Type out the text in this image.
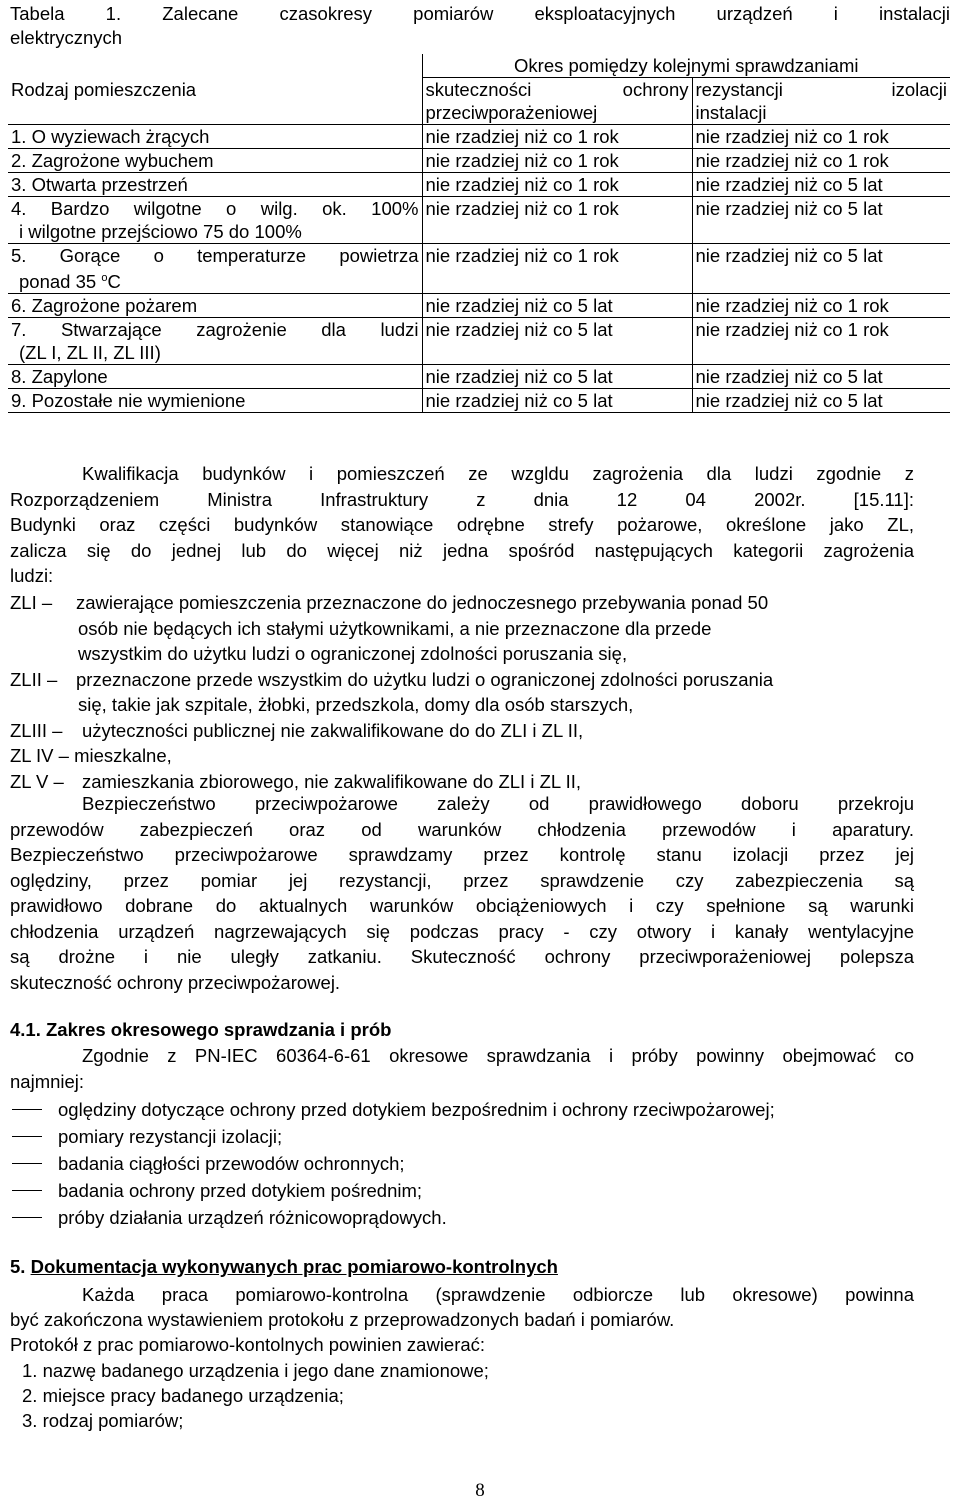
Tabela 1. Zalecane czasokresy pomiarów eksploatacyjnych urządzeń i instalacji
elektrycznych
Rodzaj pomieszczenia	Okres pomiędzy kolejnymi sprawdzaniami	

	skuteczności ochrony
przeciwporażeniowej	rezystancji izolacji
instalacji
1. O wyziewach żrących	nie rzadziej niż co 1 rok	nie rzadziej niż co 1 rok
2. Zagrożone wybuchem	nie rzadziej niż co 1 rok	nie rzadziej niż co 1 rok
3. Otwarta przestrzeń	nie rzadziej niż co 1 rok	nie rzadziej niż co 5 lat

4. Bardzo wilgotne o wilg. ok. 100%
i wilgotne przejściowo 75 do 100%	nie rzadziej niż co 1 rok	nie rzadziej niż co 5 lat

5. Gorące o temperaturze powietrza
ponad 35 $^o$C	nie rzadziej niż co 1 rok	nie rzadziej niż co 5 lat
6. Zagrożone pożarem	nie rzadziej niż co 5 lat	nie rzadziej niż co 1 rok

7. Stwarzające zagrożenie dla ludzi
(ZL I, ZL II, ZL III)	nie rzadziej niż co 5 lat	nie rzadziej niż co 1 rok
8. Zapylone	nie rzadziej niż co 5 lat	nie rzadziej niż co 5 lat
9. Pozostałe nie wymienione	nie rzadziej niż co 5 lat	nie rzadziej niż co 5 lat
Kwalifikacja budynków i pomieszczeń ze wzgldu zagrożenia dla ludzi zgodnie z
Rozporządzeniem Ministra Infrastruktury z dnia 12 04 2002r. [15.11]:
Budynki oraz części budynków stanowiące odrębne strefy pożarowe, określone jako ZL,
zalicza się do jednej lub do więcej niż jedna spośród następujących kategorii zagrożenia
ludzi:
ZLI – zawierające pomieszczenia przeznaczone do jednoczesnego przebywania ponad 50
osób nie będących ich stałymi użytkownikami, a nie przeznaczone dla przede
wszystkim do użytku ludzi o ograniczonej zdolności poruszania się,
ZLII – przeznaczone przede wszystkim do użytku ludzi o ograniczonej zdolności poruszania
się, takie jak szpitale, żłobki, przedszkola, domy dla osób starszych,
ZLIII – użyteczności publicznej nie zakwalifikowane do do ZLI i ZL II,
ZL IV – mieszkalne,
ZL V – zamieszkania zbiorowego, nie zakwalifikowane do ZLI i ZL II,
Bezpieczeństwo przeciwpożarowe zależy od prawidłowego doboru przekroju
przewodów zabezpieczeń oraz od warunków chłodzenia przewodów i aparatury.
Bezpieczeństwo przeciwpożarowe sprawdzamy przez kontrolę stanu izolacji przez jej
oględziny, przez pomiar jej rezystancji, przez sprawdzenie czy zabezpieczenia są
prawidłowo dobrane do aktualnych warunków obciążeniowych i czy spełnione są warunki
chłodzenia urządzeń nagrzewających się podczas pracy - czy otwory i kanały wentylacyjne
są drożne i nie uległy zatkaniu. Skuteczność ochrony przeciwporażeniowej polepsza
skuteczność ochrony przeciwpożarowej.
4.1. Zakres okresowego sprawdzania i prób
Zgodnie z PN-IEC 60364-6-61 okresowe sprawdzania i próby powinny obejmować co
najmniej:
oględziny dotyczące ochrony przed dotykiem bezpośrednim i ochrony rzeciwpożarowej;
pomiary rezystancji izolacji;
badania ciągłości przewodów ochronnych;
badania ochrony przed dotykiem pośrednim;
próby działania urządzeń różnicowoprądowych.
5. Dokumentacja wykonywanych prac pomiarowo-kontrolnych
Każda praca pomiarowo-kontrolna (sprawdzenie odbiorcze lub okresowe) powinna
być zakończona wystawieniem protokołu z przeprowadzonych badań i pomiarów.
Protokół z prac pomiarowo-kontolnych powinien zawierać:
1. nazwę badanego urządzenia i jego dane znamionowe;
2. miejsce pracy badanego urządzenia;
3. rodzaj pomiarów;
8
